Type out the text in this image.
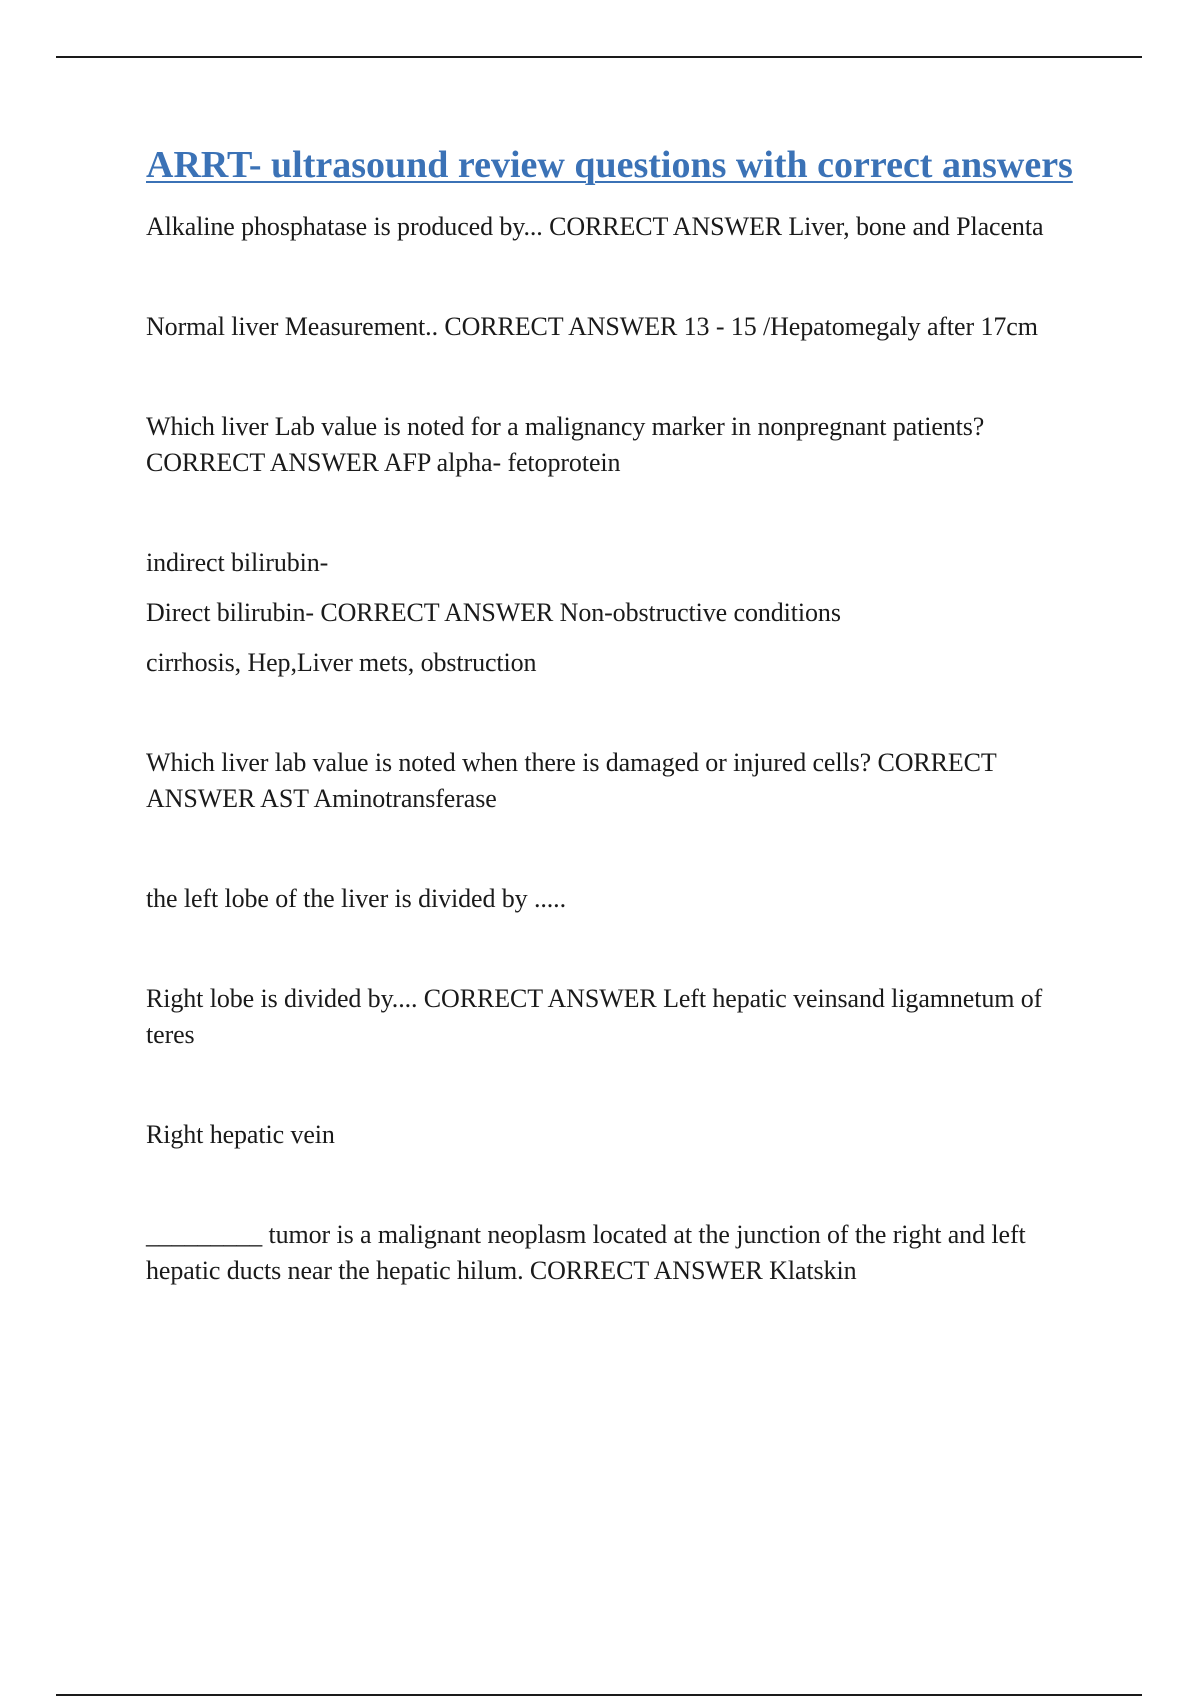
ARRT- ultrasound review questions with correct answers

Alkaline phosphatase is produced by... CORRECT ANSWER Liver, bone and Placenta

Normal liver Measurement.. CORRECT ANSWER 13 - 15 /Hepatomegaly after 17cm

Which liver Lab value is noted for a malignancy marker in nonpregnant patients? CORRECT ANSWER AFP alpha- fetoprotein

indirect bilirubin-

Direct bilirubin- CORRECT ANSWER Non-obstructive conditions

cirrhosis, Hep,Liver mets, obstruction

Which liver lab value is noted when there is damaged or injured cells? CORRECT ANSWER AST Aminotransferase

the left lobe of the liver is divided by .....

Right lobe is divided by.... CORRECT ANSWER Left hepatic veinsand ligamnetum of teres

Right hepatic vein

_________ tumor is a malignant neoplasm located at the junction of the right and left hepatic ducts near the hepatic hilum. CORRECT ANSWER Klatskin
